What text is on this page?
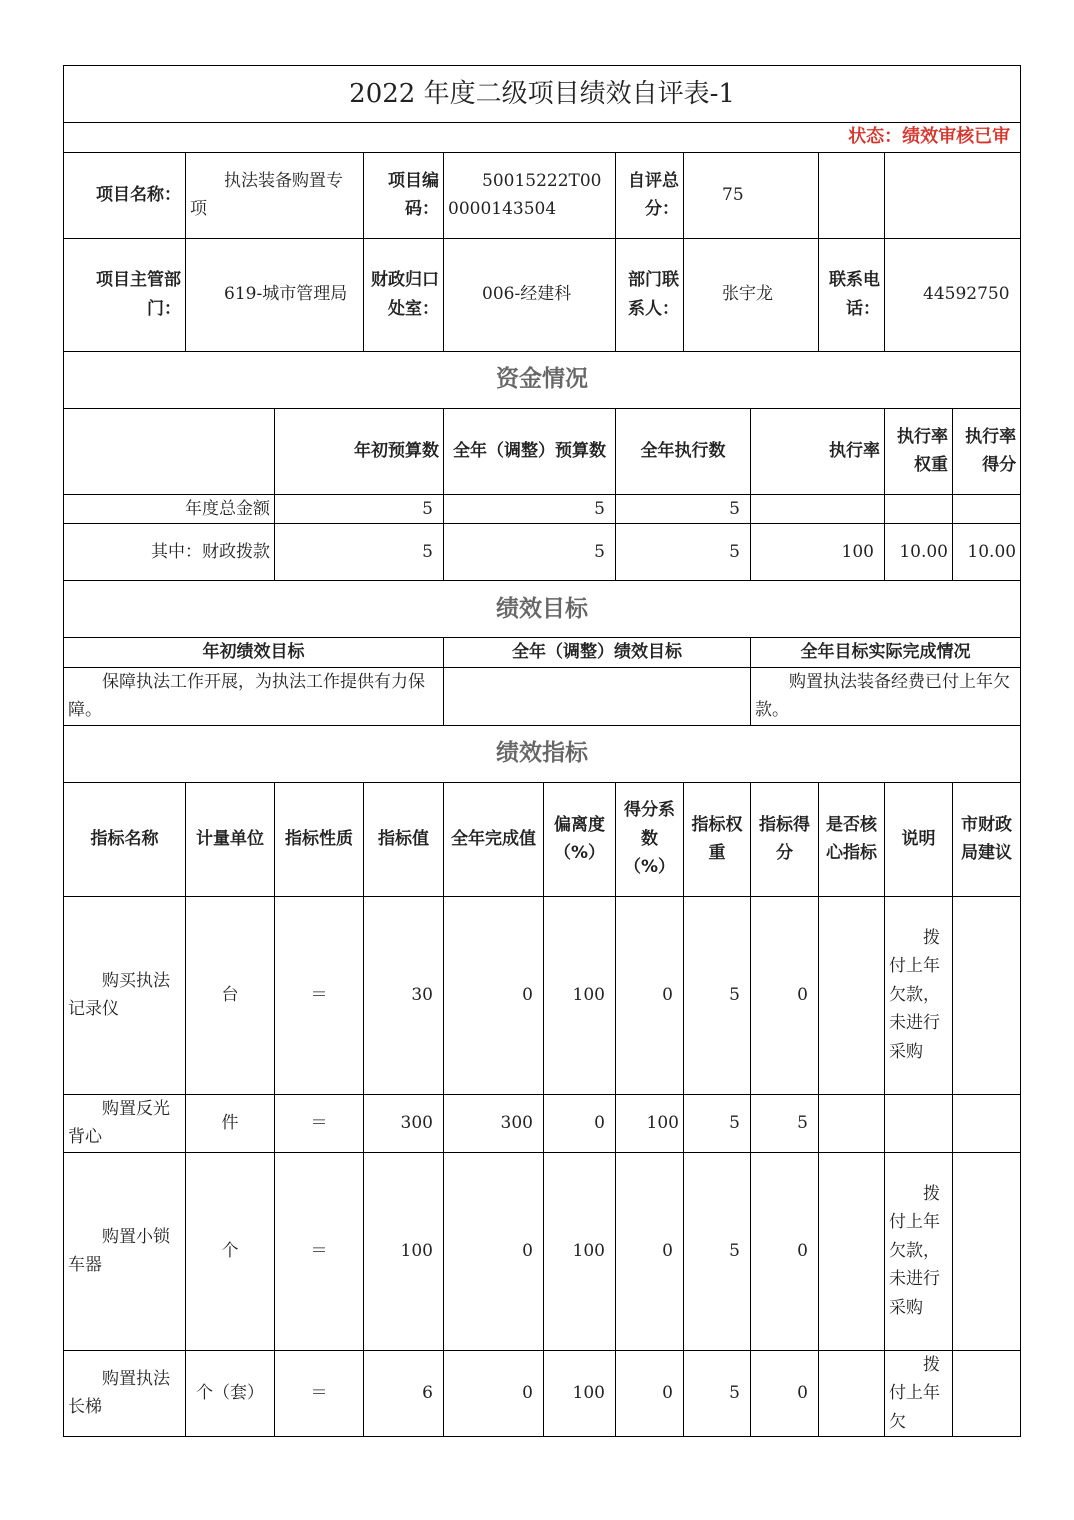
2022 年度二级项目绩效自评表-1											
状态：绩效审核已审											
项目名称：	执法装备购置专项		项目编码：	50015222T000000143504		自评总分：	75				
项目主管部门：	619-城市管理局		财政归口处室：	006-经建科		部门联系人：	张宇龙		联系电话：	44592750	
资金情况											
		年初预算数		全年（调整）预算数		全年执行数		执行率		执行率权重	执行率得分
年度总金额		5		5		5					
其中：财政拨款		5		5		5		100		10.00	10.00
绩效目标											
年初绩效目标				全年（调整）绩效目标				全年目标实际完成情况			
保障执法工作开展，为执法工作提供有力保障。								购置执法装备经费已付上年欠款。			
绩效指标											
指标名称	计量单位	指标性质	指标值	全年完成值	偏离度（%）	得分系数（%）	指标权重	指标得分	是否核心指标	说明	市财政局建议
购买执法记录仪	台	＝	30	0	100	0	5	0		拨付上年欠款，未进行采购	
购置反光背心	件	＝	300	300	0	100	5	5			
购置小锁车器	个	＝	100	0	100	0	5	0		拨付上年欠款，未进行采购	
购置执法长梯	个（套）	＝	6	0	100	0	5	0		拨付上年欠	
